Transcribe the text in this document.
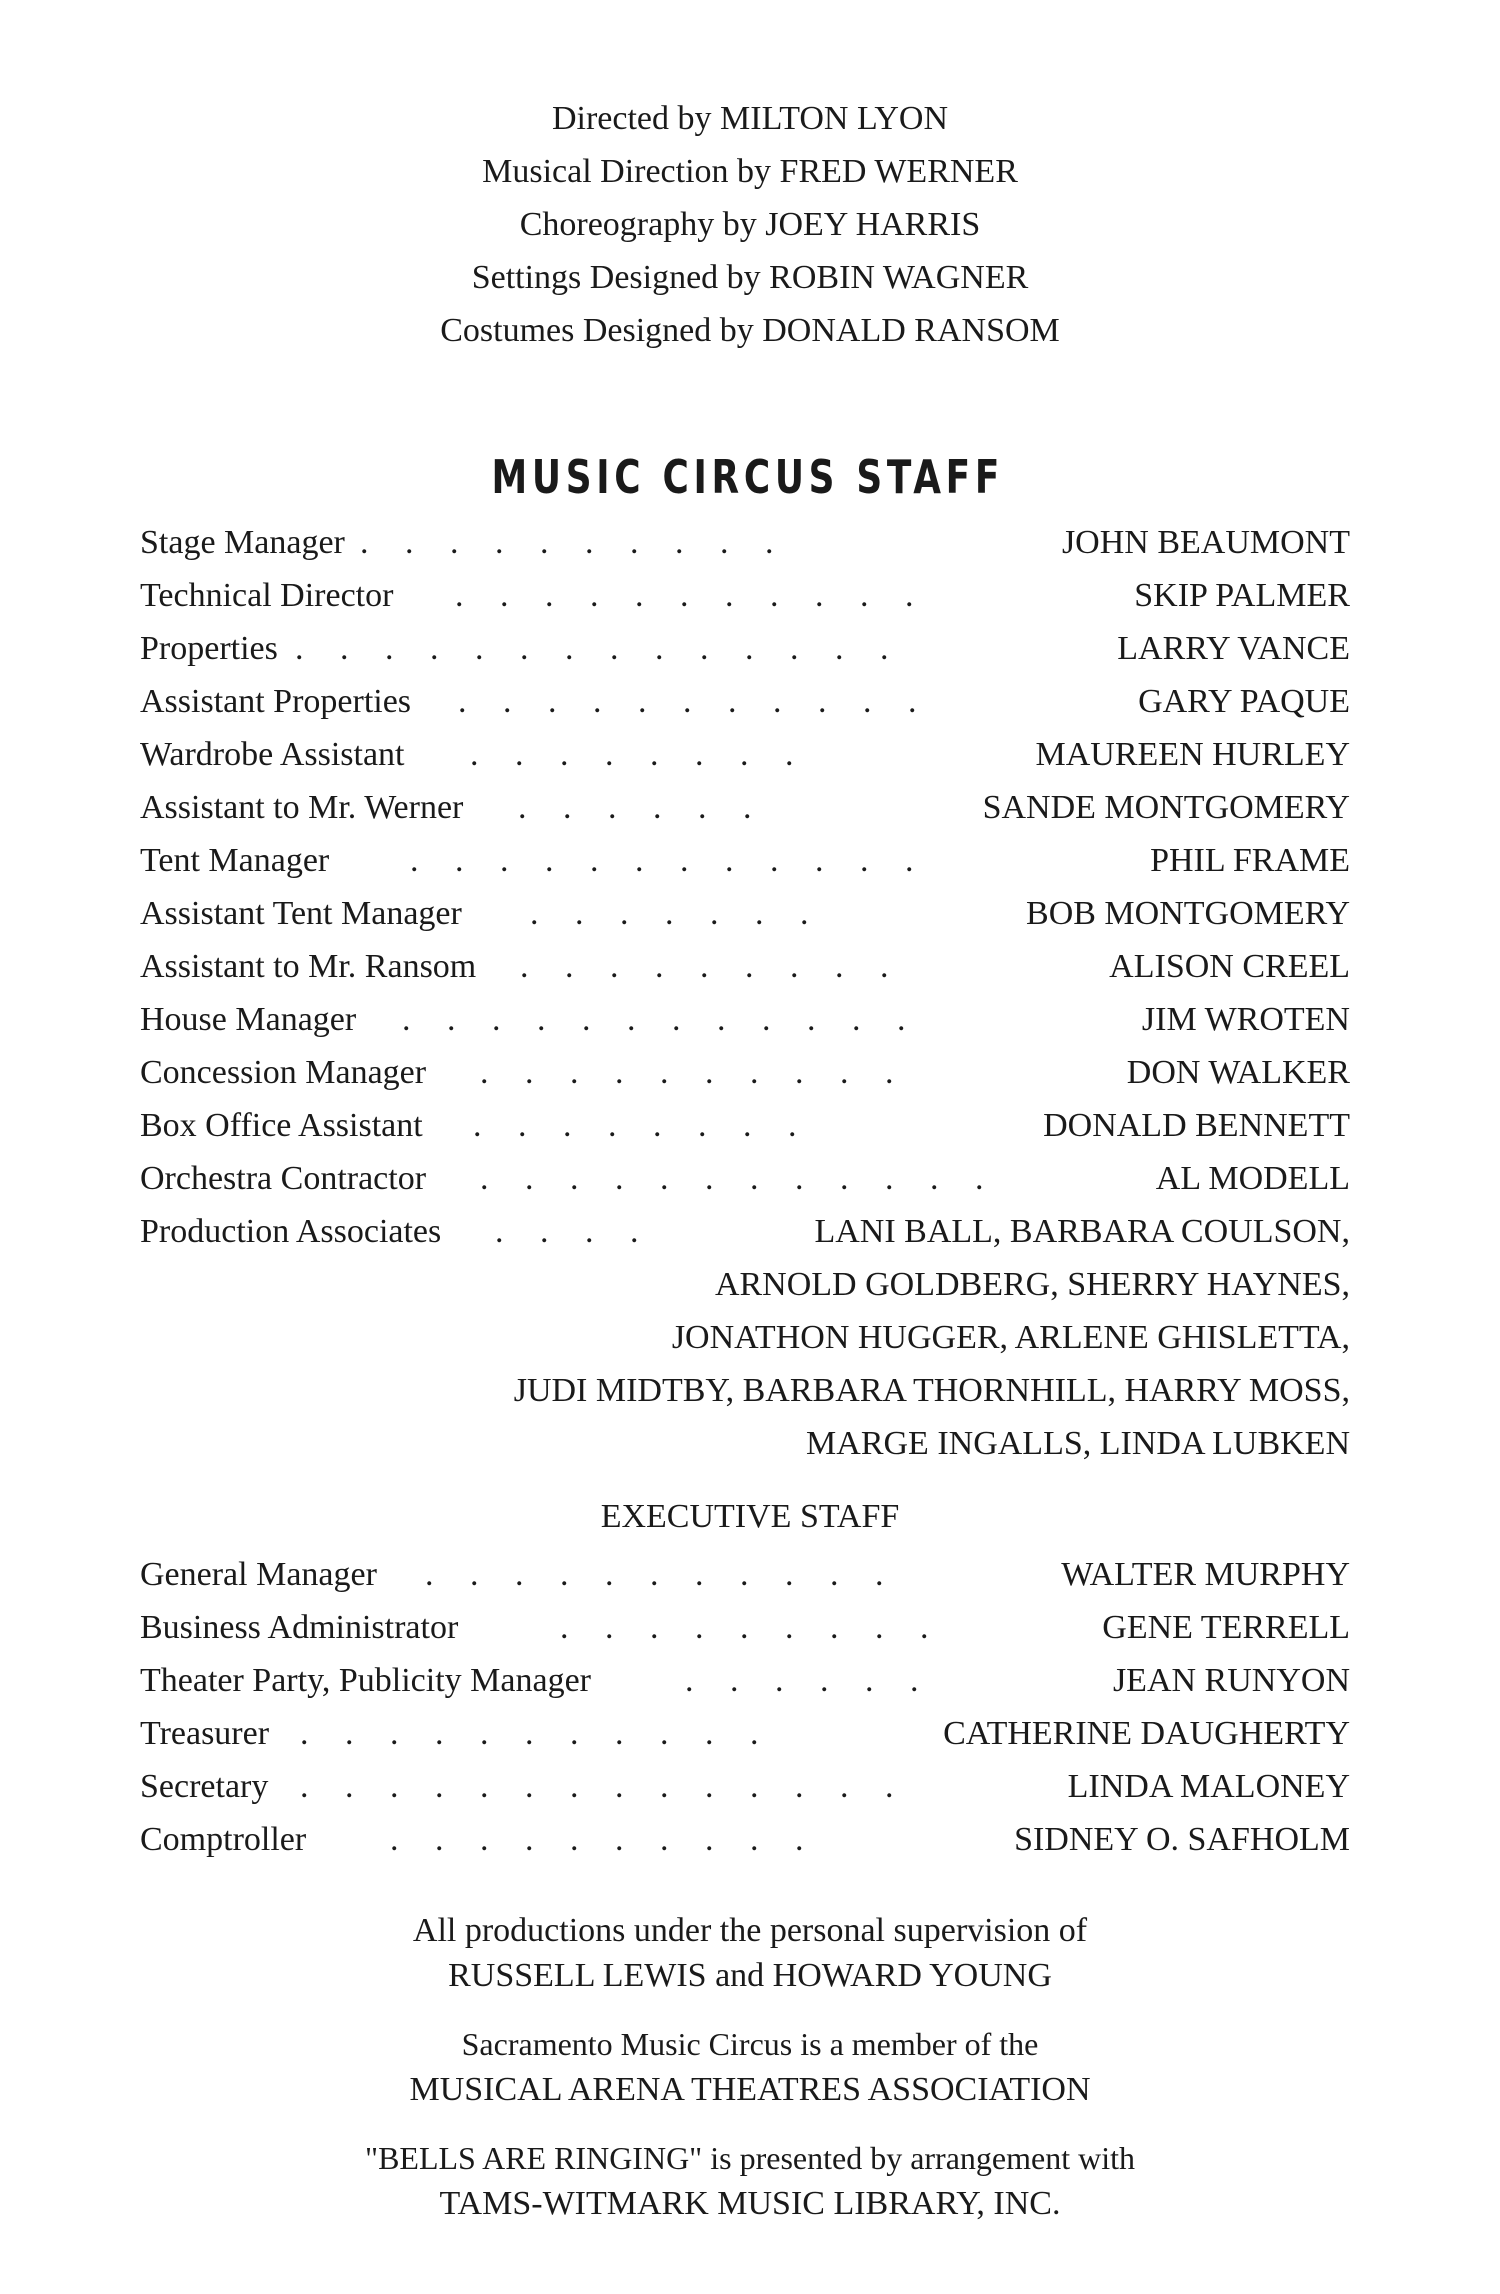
Directed by MILTON LYON
Musical Direction by FRED WERNER
Choreography by JOEY HARRIS
Settings Designed by ROBIN WAGNER
Costumes Designed by DONALD RANSOM
MUSIC CIRCUS STAFF
Stage Manager . . . . . . . . . .	JOHN BEAUMONT
Technical Director . . . . . . . . . . .	SKIP PALMER
Properties . . . . . . . . . . . . . .	LARRY VANCE
Assistant Properties . . . . . . . . . . .	GARY PAQUE
Wardrobe Assistant . . . . . . . .	MAUREEN HURLEY
Assistant to Mr. Werner . . . . . .	SANDE MONTGOMERY
Tent Manager . . . . . . . . . . . .	PHIL FRAME
Assistant Tent Manager . . . . . . .	BOB MONTGOMERY
Assistant to Mr. Ransom . . . . . . . . .	ALISON CREEL
House Manager . . . . . . . . . . . .	JIM WROTEN
Concession Manager . . . . . . . . . .	DON WALKER
Box Office Assistant . . . . . . . .	DONALD BENNETT
Orchestra Contractor . . . . . . . . . . . .	AL MODELL
Production Associates . . . .	LANI BALL, BARBARA COULSON,
ARNOLD GOLDBERG, SHERRY HAYNES,
JONATHON HUGGER, ARLENE GHISLETTA,
JUDI MIDTBY, BARBARA THORNHILL, HARRY MOSS,
MARGE INGALLS, LINDA LUBKEN
EXECUTIVE STAFF
General Manager . . . . . . . . . . .	WALTER MURPHY
Business Administrator	. . . . . . . . .	GENE TERRELL
Theater Party, Publicity Manager	. . . . . .	JEAN RUNYON
Treasurer . . . . . . . . . . .	CATHERINE DAUGHERTY
Secretary . . . . . . . . . . . . . .	LINDA MALONEY
Comptroller . . . . . . . . . .	SIDNEY O. SAFHOLM
All productions under the personal supervision of
RUSSELL LEWIS and HOWARD YOUNG
Sacramento Music Circus is a member of the
MUSICAL ARENA THEATRES ASSOCIATION
"BELLS ARE RINGING" is presented by arrangement with
TAMS-WITMARK MUSIC LIBRARY, INC.
